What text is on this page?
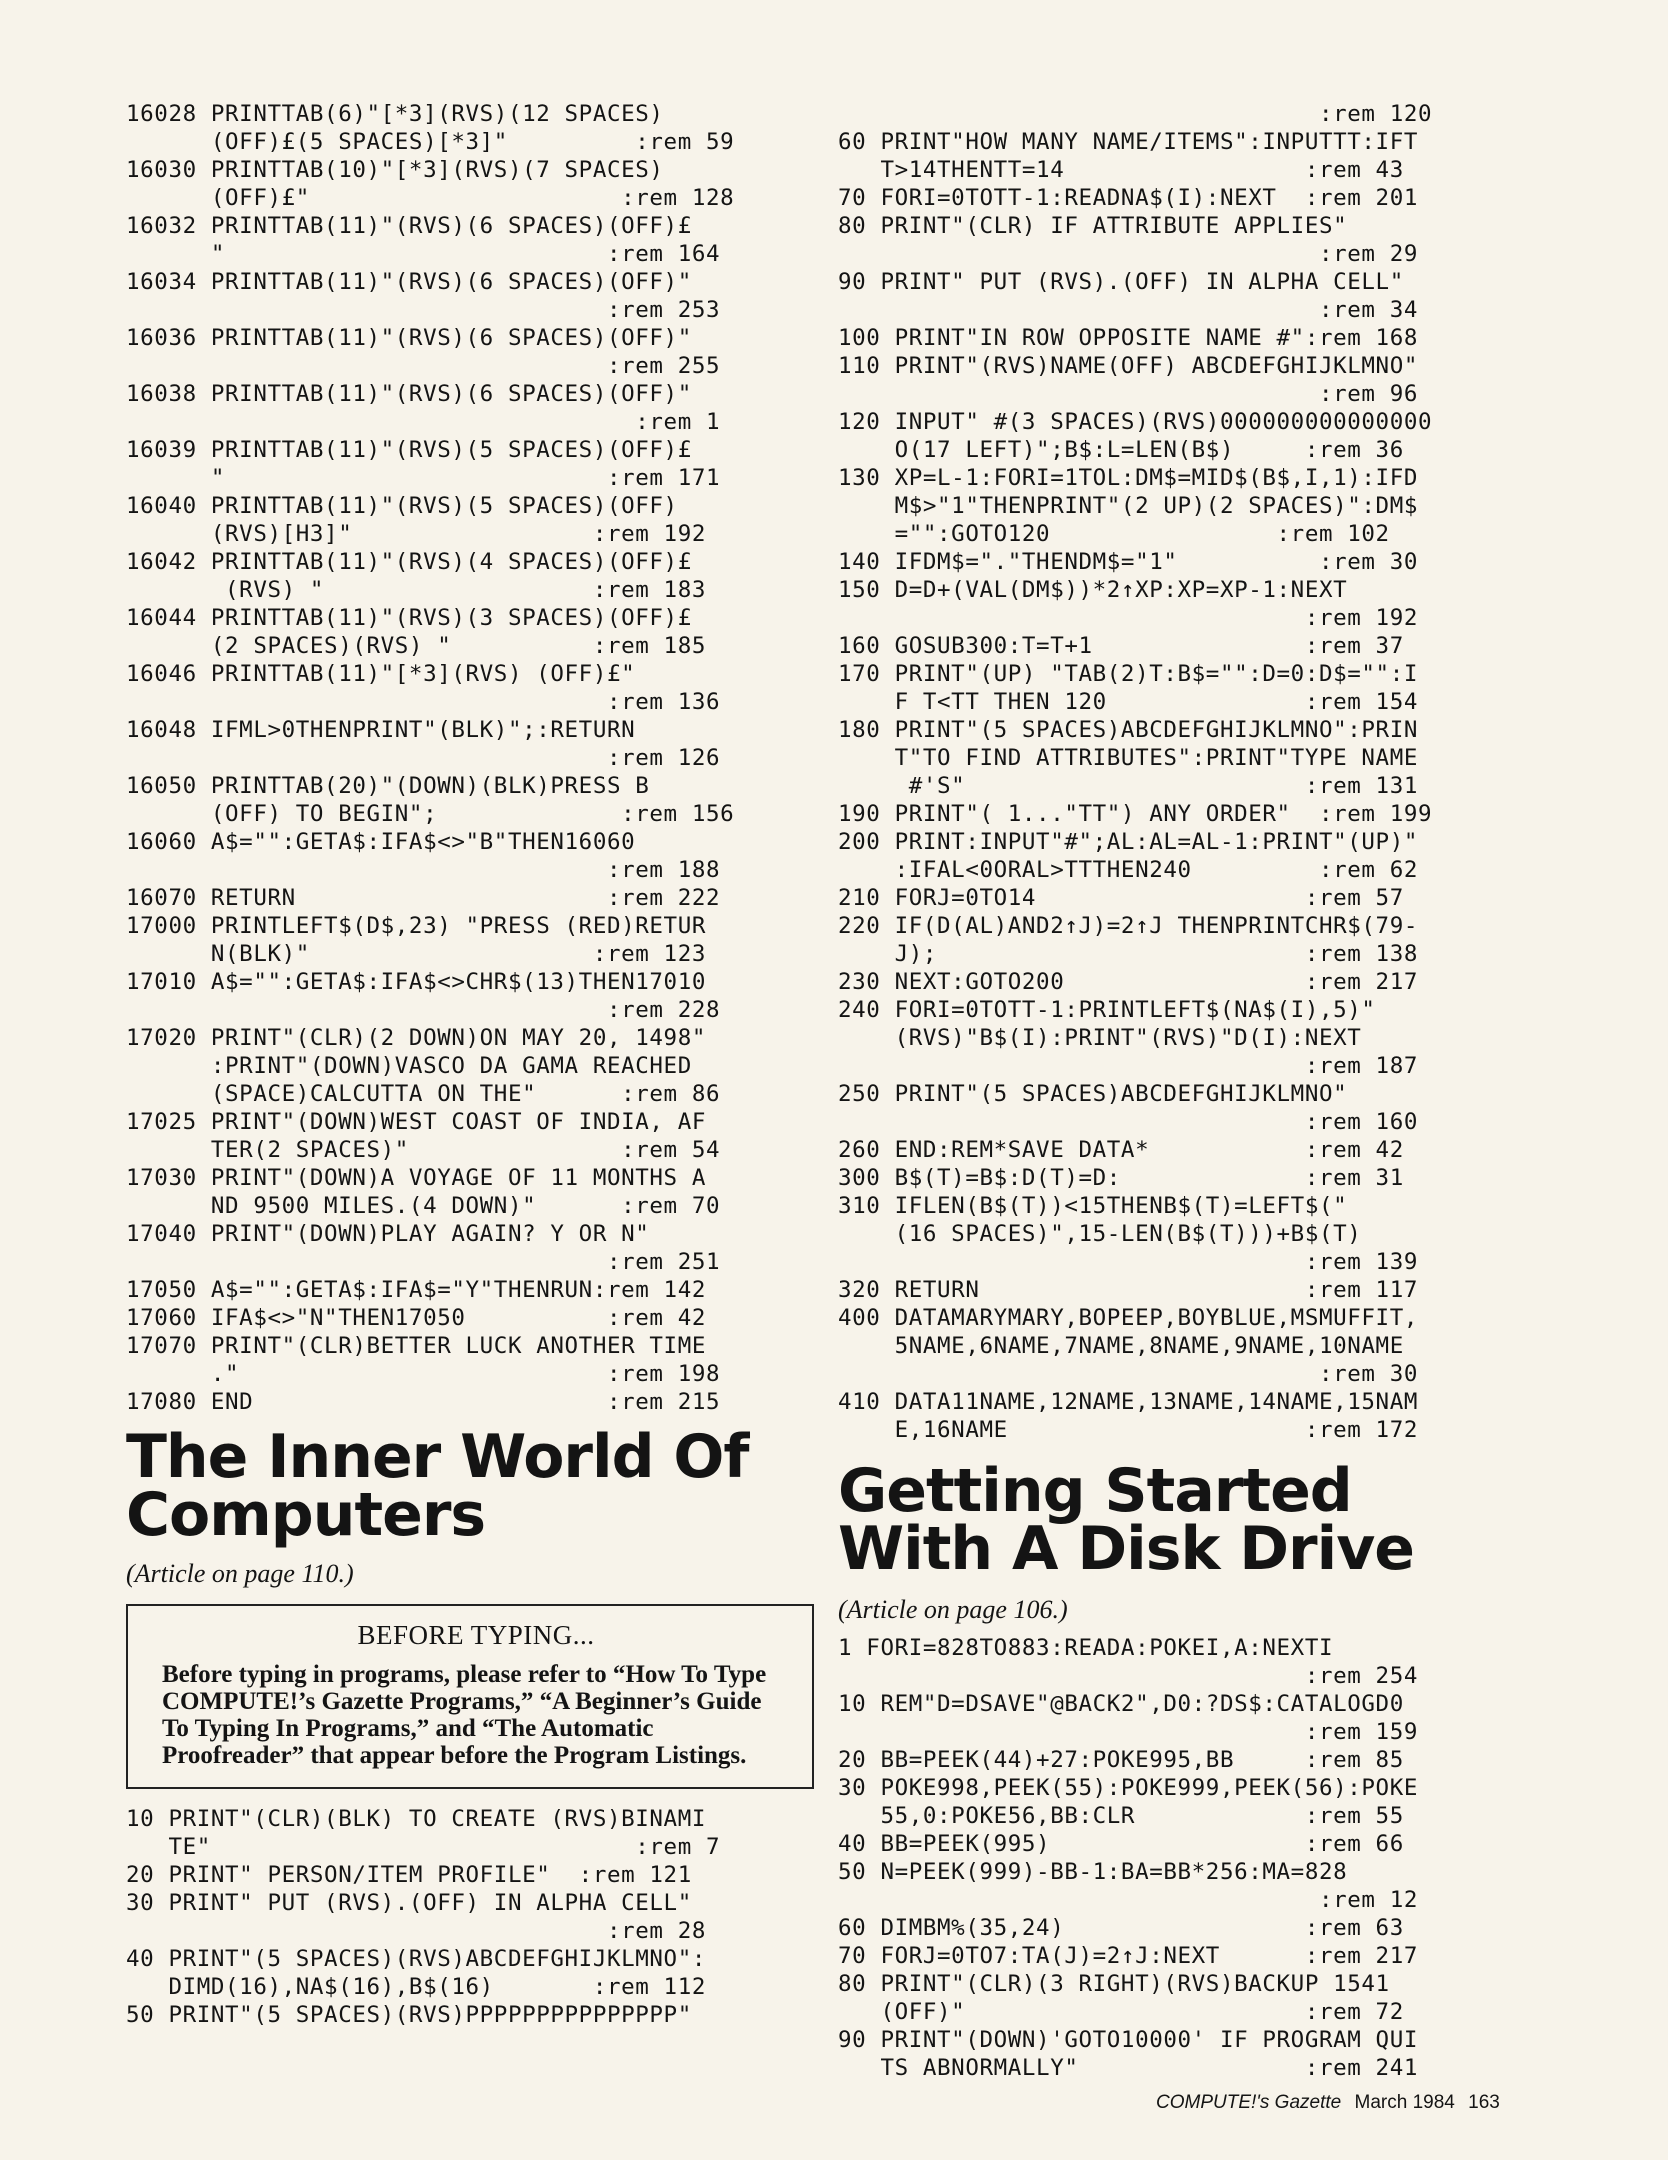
16028 PRINTTAB(6)"[*3](RVS)(12 SPACES)
(OFF)£(5 SPACES)[*3]"         :rem 59
16030 PRINTTAB(10)"[*3](RVS)(7 SPACES)
(OFF)£"                      :rem 128
16032 PRINTTAB(11)"(RVS)(6 SPACES)(OFF)£
"                           :rem 164
16034 PRINTTAB(11)"(RVS)(6 SPACES)(OFF)"
:rem 253
16036 PRINTTAB(11)"(RVS)(6 SPACES)(OFF)"
:rem 255
16038 PRINTTAB(11)"(RVS)(6 SPACES)(OFF)"
:rem 1
16039 PRINTTAB(11)"(RVS)(5 SPACES)(OFF)£
"                           :rem 171
16040 PRINTTAB(11)"(RVS)(5 SPACES)(OFF)
(RVS)[H3]"                 :rem 192
16042 PRINTTAB(11)"(RVS)(4 SPACES)(OFF)£
(RVS) "                   :rem 183
16044 PRINTTAB(11)"(RVS)(3 SPACES)(OFF)£
(2 SPACES)(RVS) "          :rem 185
16046 PRINTTAB(11)"[*3](RVS) (OFF)£"
:rem 136
16048 IFML>0THENPRINT"(BLK)";:RETURN
:rem 126
16050 PRINTTAB(20)"(DOWN)(BLK)PRESS B
(OFF) TO BEGIN";             :rem 156
16060 A$="":GETA$:IFA$<>"B"THEN16060
:rem 188
16070 RETURN                      :rem 222
17000 PRINTLEFT$(D$,23) "PRESS (RED)RETUR
N(BLK)"                    :rem 123
17010 A$="":GETA$:IFA$<>CHR$(13)THEN17010
:rem 228
17020 PRINT"(CLR)(2 DOWN)ON MAY 20, 1498"
:PRINT"(DOWN)VASCO DA GAMA REACHED
(SPACE)CALCUTTA ON THE"      :rem 86
17025 PRINT"(DOWN)WEST COAST OF INDIA, AF
TER(2 SPACES)"               :rem 54
17030 PRINT"(DOWN)A VOYAGE OF 11 MONTHS A
ND 9500 MILES.(4 DOWN)"      :rem 70
17040 PRINT"(DOWN)PLAY AGAIN? Y OR N"
:rem 251
17050 A$="":GETA$:IFA$="Y"THENRUN:rem 142
17060 IFA$<>"N"THEN17050          :rem 42
17070 PRINT"(CLR)BETTER LUCK ANOTHER TIME
."                          :rem 198
17080 END                         :rem 215
The Inner World Of Computers

(Article on page 110.)

BEFORE TYPING...

Before typing in programs, please refer to “How To Type COMPUTE!’s Gazette Programs,” “A Beginner’s Guide To Typing In Programs,” and “The Automatic Proofreader” that appear before the Program Listings.

10 PRINT"(CLR)(BLK) TO CREATE (RVS)BINAMI
TE"                              :rem 7
20 PRINT" PERSON/ITEM PROFILE"  :rem 121
30 PRINT" PUT (RVS).(OFF) IN ALPHA CELL"
:rem 28
40 PRINT"(5 SPACES)(RVS)ABCDEFGHIJKLMNO":
DIMD(16),NA$(16),B$(16)       :rem 112
50 PRINT"(5 SPACES)(RVS)PPPPPPPPPPPPPPP"
:rem 120
60 PRINT"HOW MANY NAME/ITEMS":INPUTTT:IFT
T>14THENTT=14                 :rem 43
70 FORI=0TOTT-1:READNA$(I):NEXT  :rem 201
80 PRINT"(CLR) IF ATTRIBUTE APPLIES"
:rem 29
90 PRINT" PUT (RVS).(OFF) IN ALPHA CELL"
:rem 34
100 PRINT"IN ROW OPPOSITE NAME #":rem 168
110 PRINT"(RVS)NAME(OFF) ABCDEFGHIJKLMNO"
:rem 96
120 INPUT" #(3 SPACES)(RVS)000000000000000
O(17 LEFT)";B$:L=LEN(B$)     :rem 36
130 XP=L-1:FORI=1TOL:DM$=MID$(B$,I,1):IFD
M$>"1"THENPRINT"(2 UP)(2 SPACES)":DM$
="":GOTO120                :rem 102
140 IFDM$="."THENDM$="1"          :rem 30
150 D=D+(VAL(DM$))*2↑XP:XP=XP-1:NEXT
:rem 192
160 GOSUB300:T=T+1               :rem 37
170 PRINT"(UP) "TAB(2)T:B$="":D=0:D$="":I
F T<TT THEN 120              :rem 154
180 PRINT"(5 SPACES)ABCDEFGHIJKLMNO":PRIN
T"TO FIND ATTRIBUTES":PRINT"TYPE NAME
#'S"                        :rem 131
190 PRINT"( 1..."TT") ANY ORDER"  :rem 199
200 PRINT:INPUT"#";AL:AL=AL-1:PRINT"(UP)"
:IFAL<0ORAL>TTTHEN240         :rem 62
210 FORJ=0TO14                   :rem 57
220 IF(D(AL)AND2↑J)=2↑J THENPRINTCHR$(79-
J);                          :rem 138
230 NEXT:GOTO200                 :rem 217
240 FORI=0TOTT-1:PRINTLEFT$(NA$(I),5)"
(RVS)"B$(I):PRINT"(RVS)"D(I):NEXT
:rem 187
250 PRINT"(5 SPACES)ABCDEFGHIJKLMNO"
:rem 160
260 END:REM*SAVE DATA*           :rem 42
300 B$(T)=B$:D(T)=D:             :rem 31
310 IFLEN(B$(T))<15THENB$(T)=LEFT$("
(16 SPACES)",15-LEN(B$(T)))+B$(T)
:rem 139
320 RETURN                       :rem 117
400 DATAMARYMARY,BOPEEP,BOYBLUE,MSMUFFIT,
5NAME,6NAME,7NAME,8NAME,9NAME,10NAME
:rem 30
410 DATA11NAME,12NAME,13NAME,14NAME,15NAM
E,16NAME                     :rem 172
Getting Started With A Disk Drive

(Article on page 106.)

1 FORI=828TO883:READA:POKEI,A:NEXTI
:rem 254
10 REM"D=DSAVE"@BACK2",D0:?DS$:CATALOGD0
:rem 159
20 BB=PEEK(44)+27:POKE995,BB     :rem 85
30 POKE998,PEEK(55):POKE999,PEEK(56):POKE
55,0:POKE56,BB:CLR            :rem 55
40 BB=PEEK(995)                  :rem 66
50 N=PEEK(999)-BB-1:BA=BB*256:MA=828
:rem 12
60 DIMBM%(35,24)                 :rem 63
70 FORJ=0TO7:TA(J)=2↑J:NEXT      :rem 217
80 PRINT"(CLR)(3 RIGHT)(RVS)BACKUP 1541
(OFF)"                        :rem 72
90 PRINT"(DOWN)'GOTO10000' IF PROGRAM QUI
TS ABNORMALLY"                :rem 241
COMPUTE!'s Gazette March 1984 163
